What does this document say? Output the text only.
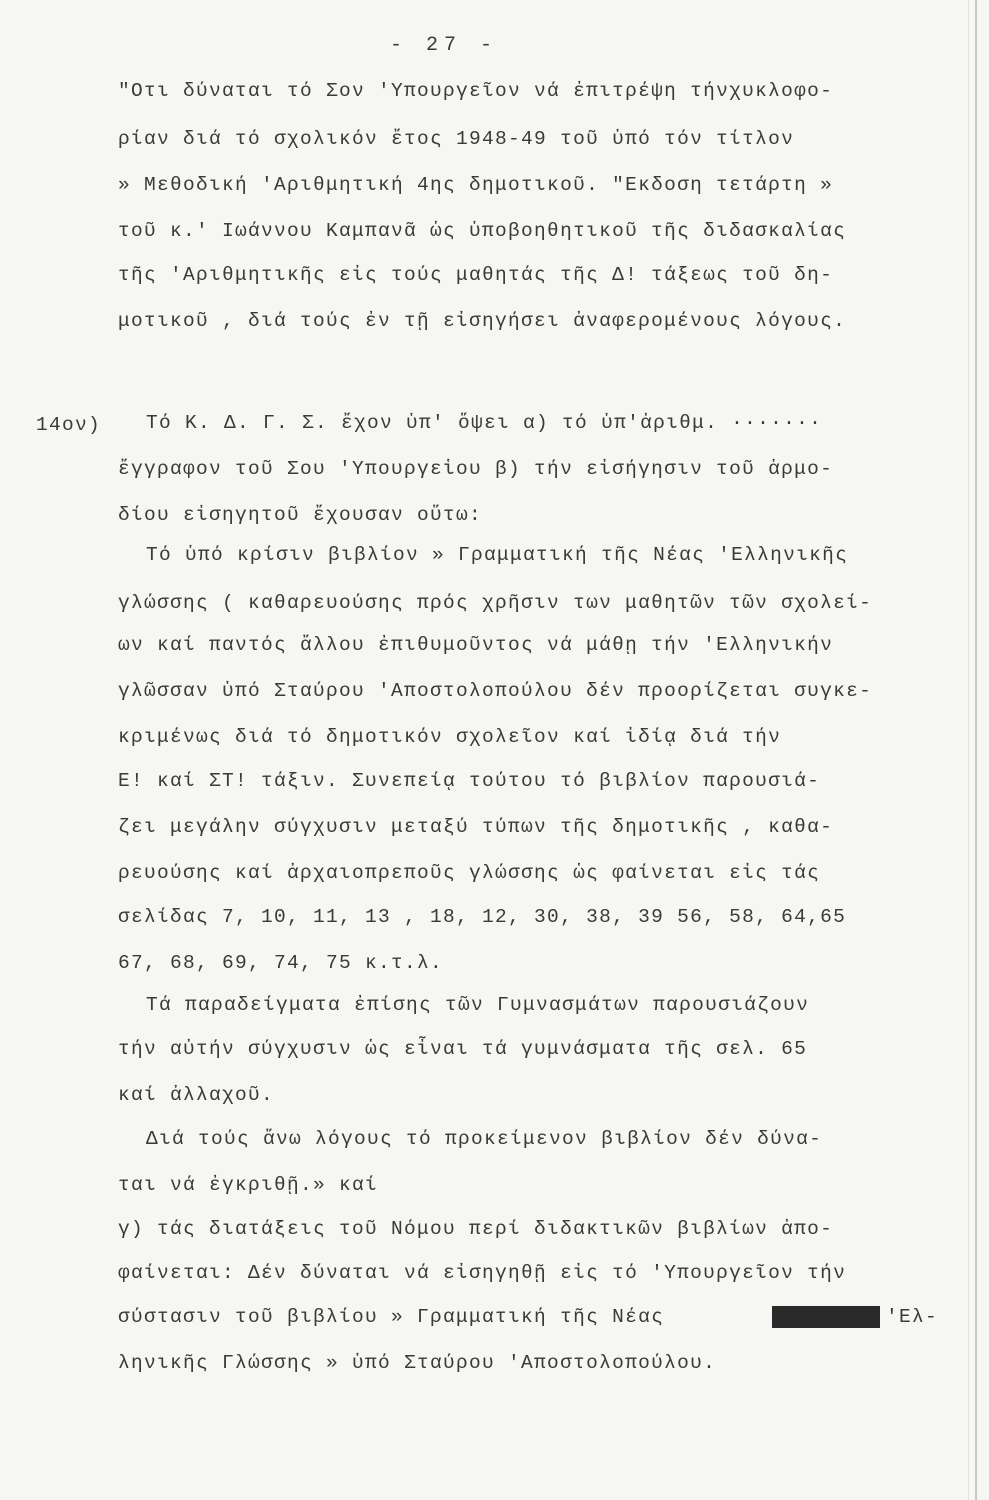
- 27 -
"Οτι δύναται τό Σον 'Υπουργεῖον νά ἐπιτρέψη τήνχυκλοφο-
ρίαν διά τό σχολικόν ἔτος 1948-49 τοῦ ὑπό τόν τίτλον
» Μεθοδική 'Αριθμητική 4ης δημοτικοῦ. "Εκδοση τετάρτη »
τοῦ κ.' Ιωάννου Καμπανᾶ ὡς ὑποβοηθητικοῦ τῆς διδασκαλίας
τῆς 'Αριθμητικῆς εἰς τούς μαθητάς τῆς Δ! τάξεως τοῦ δη-
μοτικοῦ , διά τούς ἐν τῇ εἰσηγήσει ἀναφερομένους λόγους.
14ον) Τό Κ. Δ. Γ. Σ. ἔχον ὑπ' ὄψει α) τό ὑπ'ἀριθμ. ·······
ἔγγραφον τοῦ Σου 'Υπουργεἱου β) τήν εἰσήγησιν τοῦ ἁρμο-
δίου εἰσηγητοῦ ἔχουσαν οὕτω:
Τό ὑπό κρίσιν βιβλίον » Γραμματική τῆς Νέας 'Ελληνικῆς
γλώσσης ( καθαρευούσης πρός χρῆσιν των μαθητῶν τῶν σχολεί-
ων καί παντός ἄλλου ἐπιθυμοῦντος νά μάθῃ τήν 'Ελληνικήν
γλῶσσαν ὑπό Σταύρου 'Αποστολοπούλου δέν προορίζεται συγκε-
κριμένως διά τό δημοτικόν σχολεῖον καί ἰδίᾳ διά τήν
Ε! καί ΣΤ! τάξιν. Συνεπείᾳ τούτου τό βιβλίον παρουσιά-
ζει μεγάλην σύγχυσιν μεταξύ τύπων τῆς δημοτικῆς , καθα-
ρευούσης καί ἀρχαιοπρεποῦς γλώσσης ὡς φαίνεται εἰς τάς
σελίδας 7, 10, 11, 13 , 18, 12, 30, 38, 39 56, 58, 64,65
67, 68, 69, 74, 75 κ.τ.λ.
Τά παραδείγματα ἐπίσης τῶν Γυμνασμάτων παρουσιάζουν
τήν αὐτήν σύγχυσιν ὡς εἶναι τά γυμνάσματα τῆς σελ. 65
καί ἀλλαχοῦ.
Διά τούς ἄνω λόγους τό προκείμενον βιβλίον δέν δύνα-
ται νά ἐγκριθῇ.» καί
γ) τάς διατάξεις τοῦ Νόμου περί διδακτικῶν βιβλίων ἀπο-
φαίνεται: Δέν δύναται νά εἰσηγηθῇ εἰς τό 'Υπουργεῖον τήν
σύστασιν τοῦ βιβλίου » Γραμματική τῆς Νέας	'Ελ-
ληνικῆς Γλώσσης » ὑπό Σταύρου 'Αποστολοπούλου.
